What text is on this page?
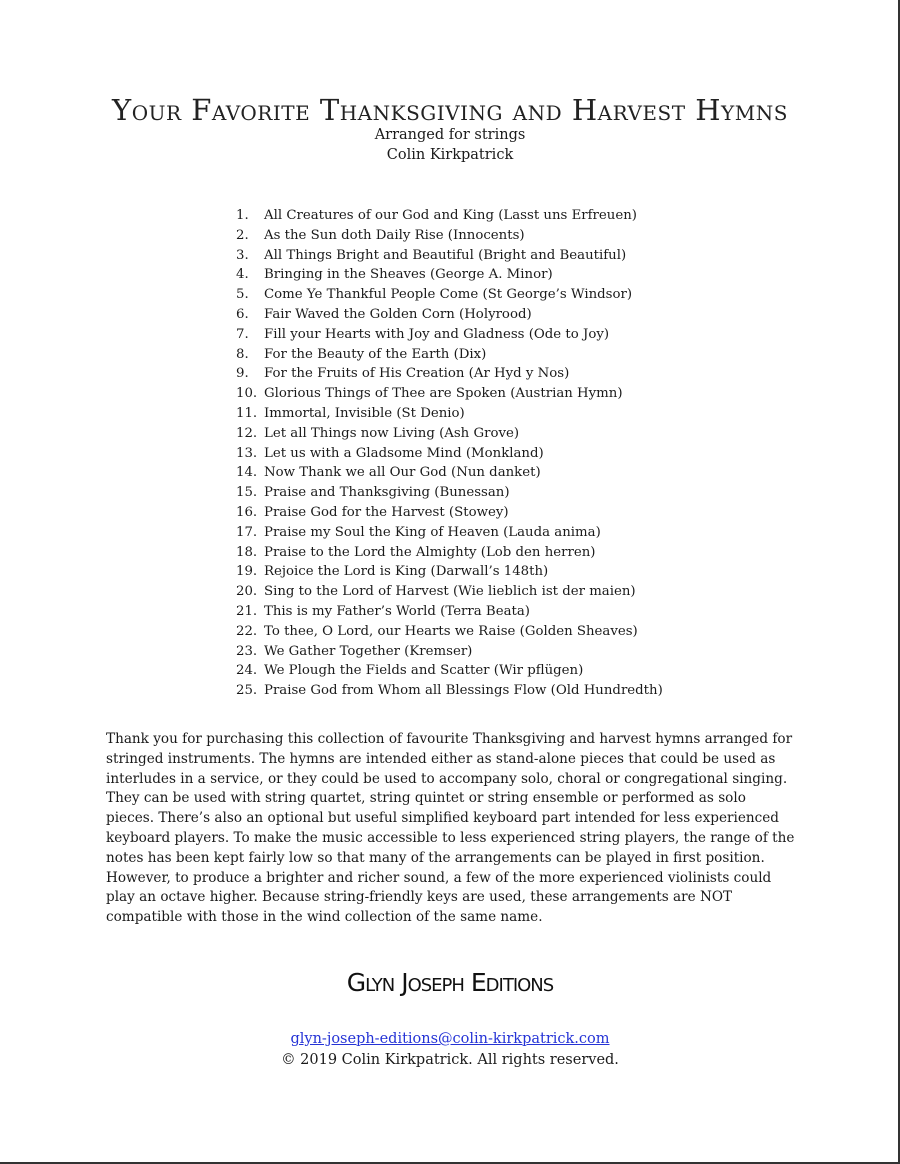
Your Favorite Thanksgiving and Harvest Hymns
Arranged for strings
Colin Kirkpatrick
1. All Creatures of our God and King (Lasst uns Erfreuen)
2. As the Sun doth Daily Rise (Innocents)
3. All Things Bright and Beautiful (Bright and Beautiful)
4. Bringing in the Sheaves (George A. Minor)
5. Come Ye Thankful People Come (St George’s Windsor)
6. Fair Waved the Golden Corn (Holyrood)
7. Fill your Hearts with Joy and Gladness (Ode to Joy)
8. For the Beauty of the Earth (Dix)
9. For the Fruits of His Creation (Ar Hyd y Nos)
10. Glorious Things of Thee are Spoken (Austrian Hymn)
11. Immortal, Invisible (St Denio)
12. Let all Things now Living (Ash Grove)
13. Let us with a Gladsome Mind (Monkland)
14. Now Thank we all Our God (Nun danket)
15. Praise and Thanksgiving (Bunessan)
16. Praise God for the Harvest (Stowey)
17. Praise my Soul the King of Heaven (Lauda anima)
18. Praise to the Lord the Almighty (Lob den herren)
19. Rejoice the Lord is King (Darwall’s 148th)
20. Sing to the Lord of Harvest (Wie lieblich ist der maien)
21. This is my Father’s World (Terra Beata)
22. To thee, O Lord, our Hearts we Raise (Golden Sheaves)
23. We Gather Together (Kremser)
24. We Plough the Fields and Scatter (Wir pflügen)
25. Praise God from Whom all Blessings Flow (Old Hundredth)

Thank you for purchasing this collection of favourite Thanksgiving and harvest hymns arranged for stringed instruments. The hymns are intended either as stand-alone pieces that could be used as interludes in a service, or they could be used to accompany solo, choral or congregational singing. They can be used with string quartet, string quintet or string ensemble or performed as solo pieces. There’s also an optional but useful simplified keyboard part intended for less experienced keyboard players. To make the music accessible to less experienced string players, the range of the notes has been kept fairly low so that many of the arrangements can be played in first position. However, to produce a brighter and richer sound, a few of the more experienced violinists could play an octave higher. Because string-friendly keys are used, these arrangements are NOT compatible with those in the wind collection of the same name.

Glyn Joseph Editions
glyn-joseph-editions@colin-kirkpatrick.com
© 2019 Colin Kirkpatrick. All rights reserved.
